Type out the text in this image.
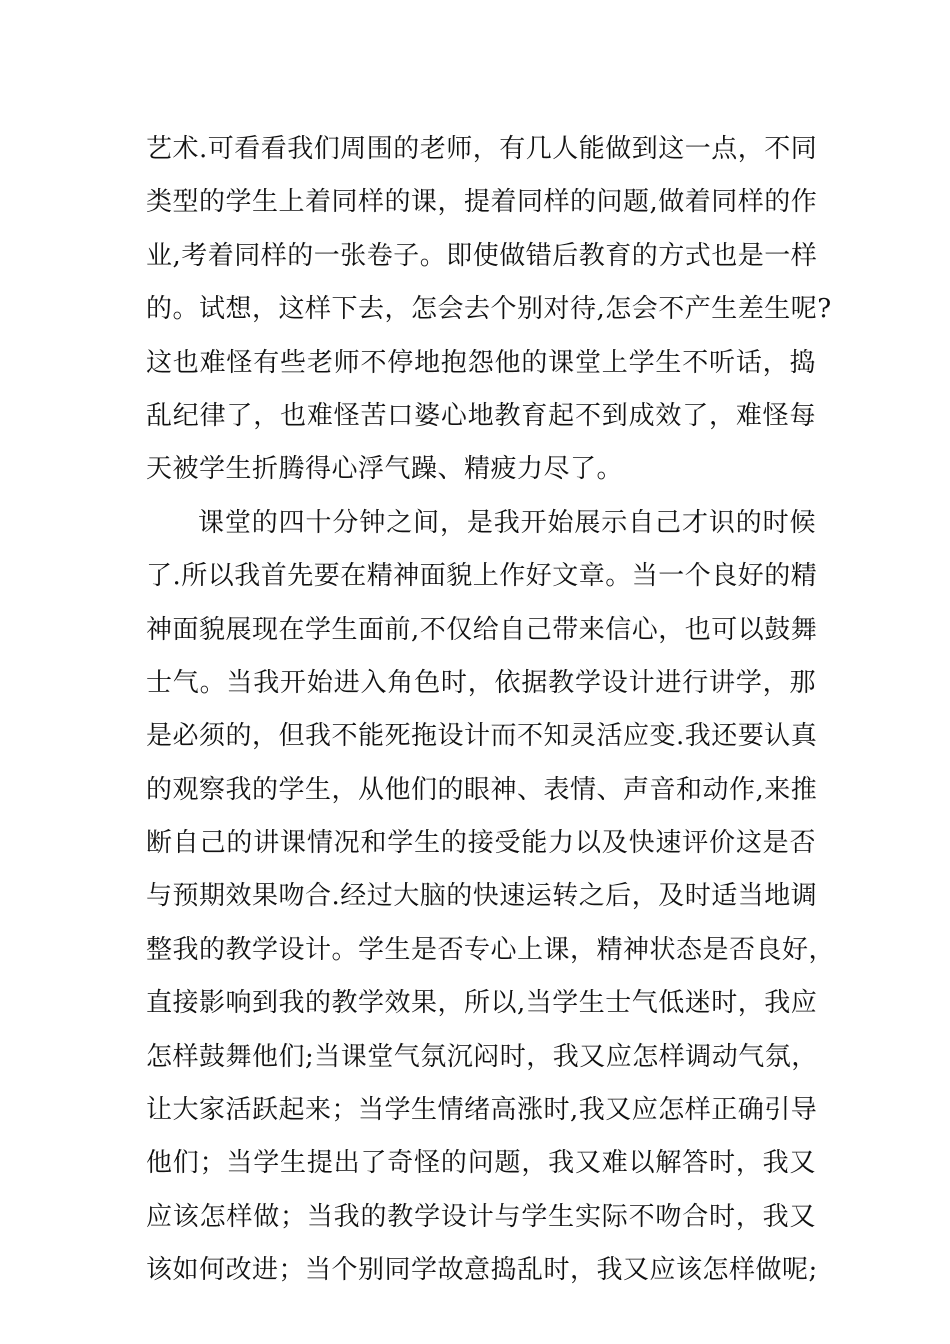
艺术.可看看我们周围的老师，有几人能做到这一点，不同
类型的学生上着同样的课，提着同样的问题,做着同样的作
业,考着同样的一张卷子。即使做错后教育的方式也是一样
的。试想，这样下去，怎会去个别对待,怎会不产生差生呢?
这也难怪有些老师不停地抱怨他的课堂上学生不听话，捣
乱纪律了，也难怪苦口婆心地教育起不到成效了，难怪每
天被学生折腾得心浮气躁、精疲力尽了。
课堂的四十分钟之间，是我开始展示自己才识的时候
了.所以我首先要在精神面貌上作好文章。当一个良好的精
神面貌展现在学生面前,不仅给自己带来信心，也可以鼓舞
士气。当我开始进入角色时，依据教学设计进行讲学，那
是必须的，但我不能死拖设计而不知灵活应变.我还要认真
的观察我的学生，从他们的眼神、表情、声音和动作,来推
断自己的讲课情况和学生的接受能力以及快速评价这是否
与预期效果吻合.经过大脑的快速运转之后，及时适当地调
整我的教学设计。学生是否专心上课，精神状态是否良好，
直接影响到我的教学效果，所以,当学生士气低迷时，我应
怎样鼓舞他们;当课堂气氛沉闷时，我又应怎样调动气氛，
让大家活跃起来；当学生情绪高涨时,我又应怎样正确引导
他们；当学生提出了奇怪的问题，我又难以解答时，我又
应该怎样做；当我的教学设计与学生实际不吻合时，我又
该如何改进；当个别同学故意捣乱时，我又应该怎样做呢;
